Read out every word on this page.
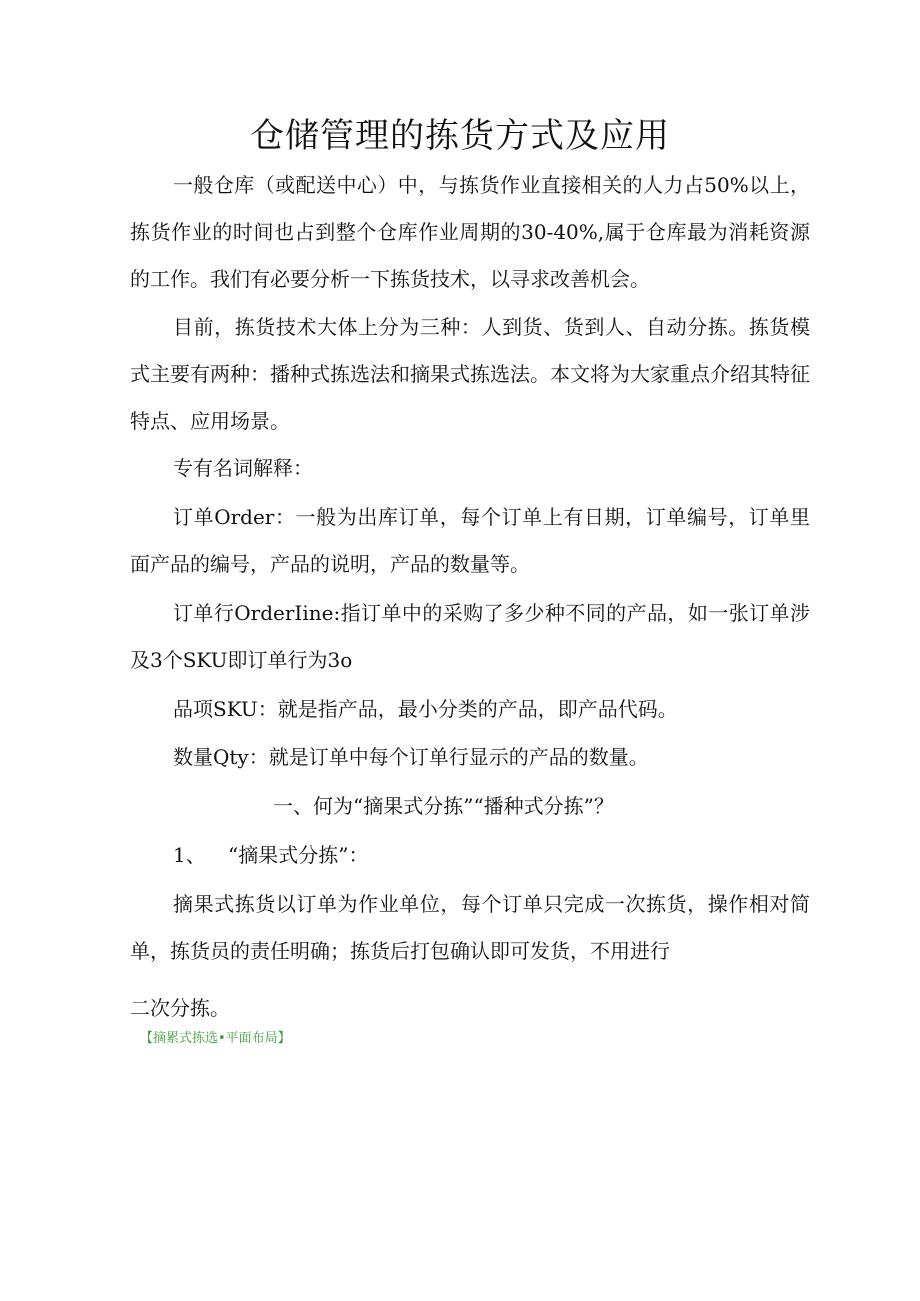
仓储管理的拣货方式及应用

一般仓库（或配送中心）中，与拣货作业直接相关的人力占50%以上，拣货作业的时间也占到整个仓库作业周期的30-40%,属于仓库最为消耗资源的工作。我们有必要分析一下拣货技术，以寻求改善机会。

目前，拣货技术大体上分为三种：人到货、货到人、自动分拣。拣货模式主要有两种：播种式拣选法和摘果式拣选法。本文将为大家重点介绍其特征特点、应用场景。

专有名词解释：

订单Order：一般为出库订单，每个订单上有日期，订单编号，订单里面产品的编号，产品的说明，产品的数量等。

订单行OrderIine:指订单中的采购了多少种不同的产品，如一张订单涉及3个SKU即订单行为3o

品项SKU：就是指产品，最小分类的产品，即产品代码。

数量Qty：就是订单中每个订单行显示的产品的数量。

一、何为“摘果式分拣”“播种式分拣”？

1、 “摘果式分拣”：

摘果式拣货以订单为作业单位，每个订单只完成一次拣货，操作相对简单，拣货员的责任明确；拣货后打包确认即可发货，不用进行

二次分拣。

【摘累式拣选•平面布局】
